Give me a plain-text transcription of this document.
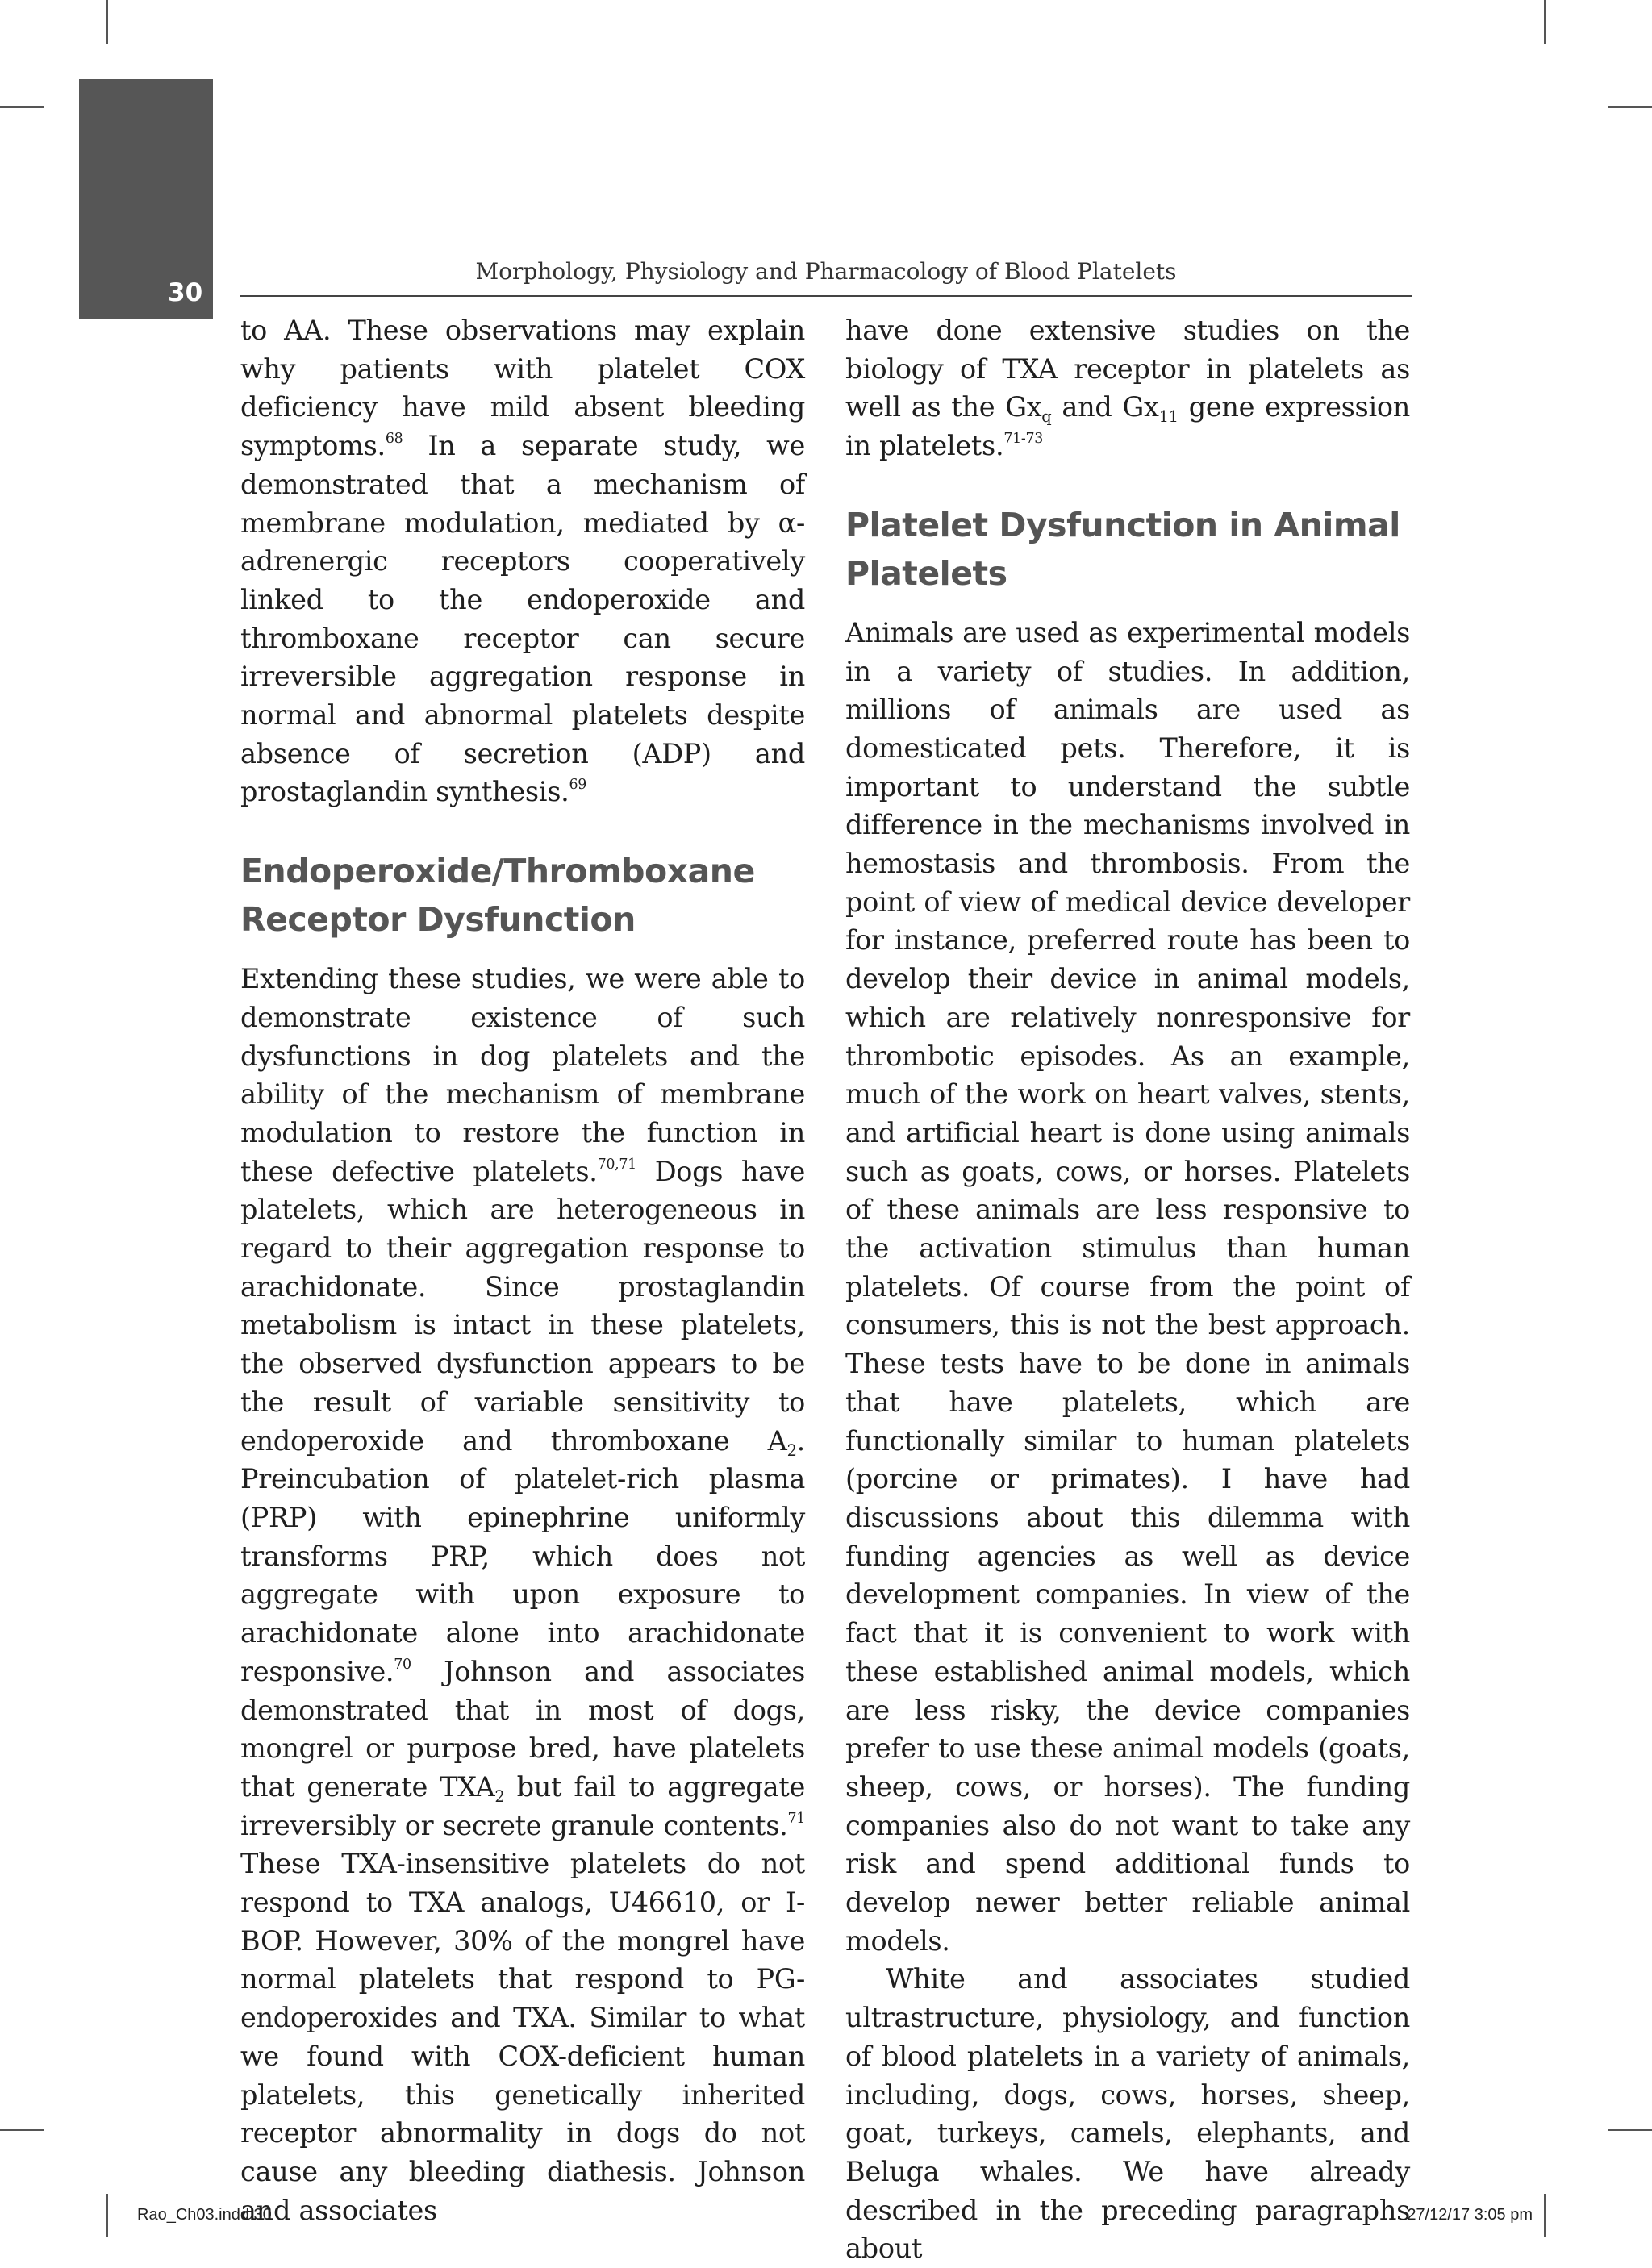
30
Morphology, Physiology and Pharmacology of Blood Platelets

to AA. These observations may explain why patients with platelet COX deficiency have mild absent bleeding symptoms.$^{68}$ In a separate study, we demonstrated that a mechanism of membrane modulation, mediated by α-adrenergic receptors cooperatively linked to the endoperoxide and thromboxane receptor can secure irreversible aggregation response in normal and abnormal platelets despite absence of secretion (ADP) and prostaglandin synthesis.$^{69}$

Endoperoxide/Thromboxane Receptor Dysfunction

Extending these studies, we were able to demonstrate existence of such dysfunctions in dog platelets and the ability of the mechanism of membrane modulation to restore the function in these defective platelets.$^{70,71}$ Dogs have platelets, which are heterogeneous in regard to their aggregation response to arachidonate. Since prostaglandin metabolism is intact in these platelets, the observed dysfunction appears to be the result of variable sensitivity to endoperoxide and thromboxane $A_2$. Preincubation of platelet-rich plasma (PRP) with epinephrine uniformly transforms PRP, which does not aggregate with upon exposure to arachidonate alone into arachidonate responsive.$^{70}$ Johnson and associates demonstrated that in most of dogs, mongrel or purpose bred, have platelets that generate $TXA_2$ but fail to aggregate irreversibly or secrete granule contents.$^{71}$ These TXA-insensitive platelets do not respond to TXA analogs, U46610, or I-BOP. However, 30% of the mongrel have normal platelets that respond to PG-endoperoxides and TXA. Similar to what we found with COX-deficient human platelets, this genetically inherited receptor abnormality in dogs do not cause any bleeding diathesis. Johnson and associates

have done extensive studies on the biology of TXA receptor in platelets as well as the $Gx_q$ and $Gx_{11}$ gene expression in platelets.$^{71-73}$

Platelet Dysfunction in Animal Platelets

Animals are used as experimental models in a variety of studies. In addition, millions of animals are used as domesticated pets. Therefore, it is important to understand the subtle difference in the mechanisms involved in hemostasis and thrombosis. From the point of view of medical device developer for instance, preferred route has been to develop their device in animal models, which are relatively nonresponsive for thrombotic episodes. As an example, much of the work on heart valves, stents, and artificial heart is done using animals such as goats, cows, or horses. Platelets of these animals are less responsive to the activation stimulus than human platelets. Of course from the point of consumers, this is not the best approach. These tests have to be done in animals that have platelets, which are functionally similar to human platelets (porcine or primates). I have had discussions about this dilemma with funding agencies as well as device development companies. In view of the fact that it is convenient to work with these established animal models, which are less risky, the device companies prefer to use these animal models (goats, sheep, cows, or horses). The funding companies also do not want to take any risk and spend additional funds to develop newer better reliable animal models.

White and associates studied ultrastructure, physiology, and function of blood platelets in a variety of animals, including, dogs, cows, horses, sheep, goat, turkeys, camels, elephants, and Beluga whales. We have already described in the preceding paragraphs about

Rao_Ch03.indd 30	27/12/17 3:05 pm
